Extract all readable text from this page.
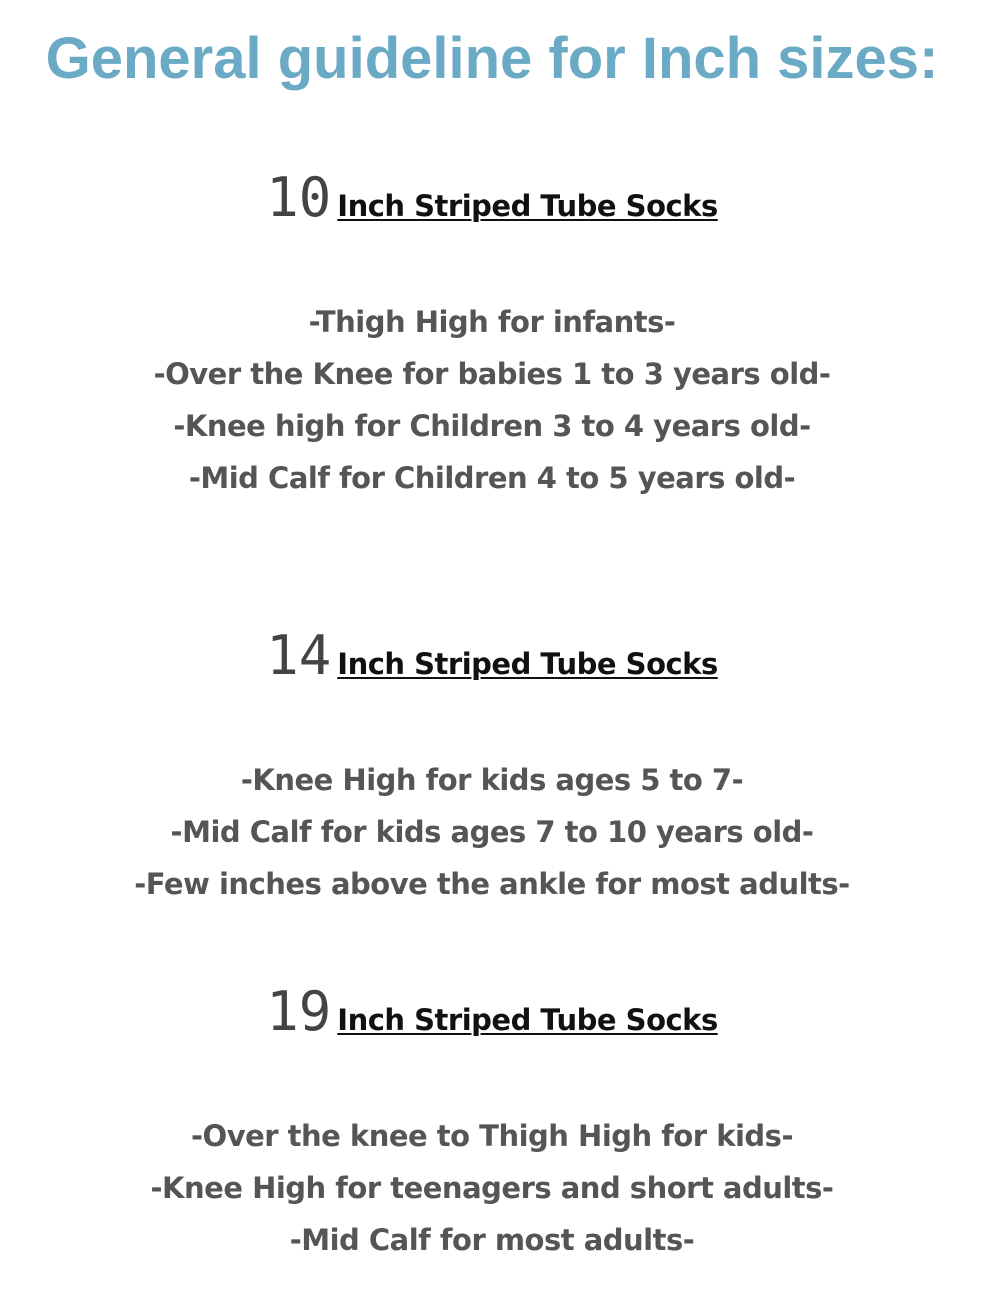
General guideline for Inch sizes:
10 Inch Striped Tube Socks
-Thigh High for infants-
-Over the Knee for babies 1 to 3 years old-
-Knee high for Children 3 to 4 years old-
-Mid Calf for Children 4 to 5 years old-
14 Inch Striped Tube Socks
-Knee High for kids ages 5 to 7-
-Mid Calf for kids ages 7 to 10 years old-
-Few inches above the ankle for most adults-
19 Inch Striped Tube Socks
-Over the knee to Thigh High for kids-
-Knee High for teenagers and short adults-
-Mid Calf for most adults-
